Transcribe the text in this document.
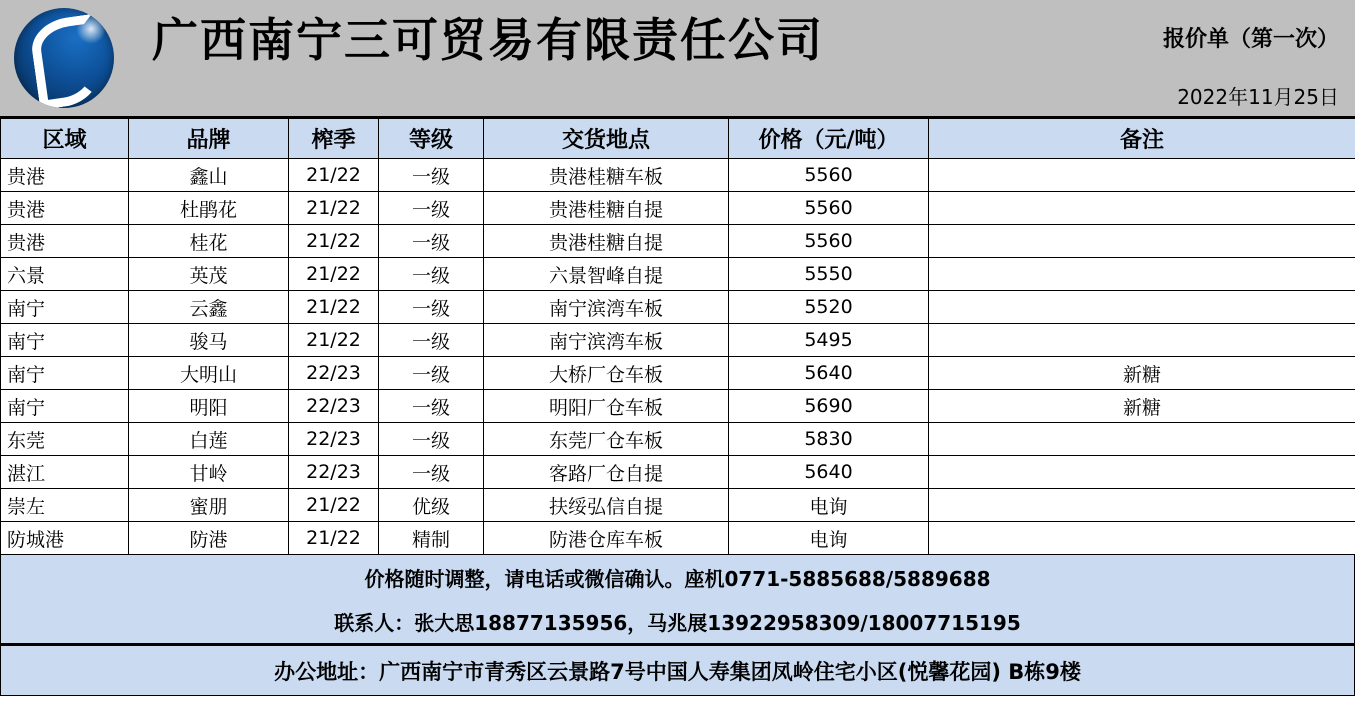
广西南宁三可贸易有限责任公司	报价单（第一次）
2022年11月25日
区域	品牌	榨季	等级	交货地点	价格（元/吨）	备注
贵港	鑫山	21/22	一级	贵港桂糖车板	5560	
贵港	杜鹃花	21/22	一级	贵港桂糖自提	5560	
贵港	桂花	21/22	一级	贵港桂糖自提	5560	
六景	英茂	21/22	一级	六景智峰自提	5550	
南宁	云鑫	21/22	一级	南宁滨湾车板	5520	
南宁	骏马	21/22	一级	南宁滨湾车板	5495	
南宁	大明山	22/23	一级	大桥厂仓车板	5640	新糖
南宁	明阳	22/23	一级	明阳厂仓车板	5690	新糖
东莞	白莲	22/23	一级	东莞厂仓车板	5830	
湛江	甘岭	22/23	一级	客路厂仓自提	5640	
崇左	蜜朋	21/22	优级	扶绥弘信自提	电询	
防城港	防港	21/22	精制	防港仓库车板	电询	
价格随时调整，请电话或微信确认。座机0771-5885688/5889688
联系人：张大思18877135956，马兆展13922958309/18007715195
办公地址：广西南宁市青秀区云景路7号中国人寿集团凤岭住宅小区(悦馨花园) B栋9楼
